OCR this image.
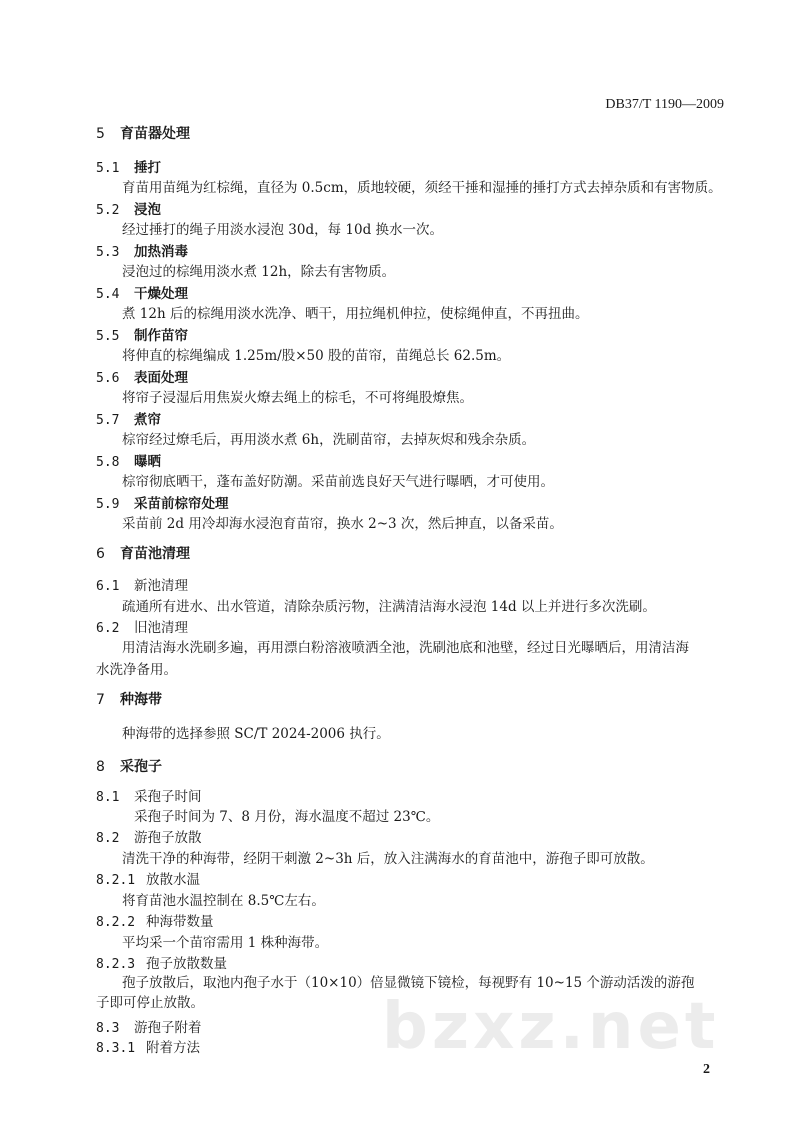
DB37/T 1190—2009
5 育苗器处理
5.1 捶打
育苗用苗绳为红棕绳，直径为 0.5cm，质地较硬，须经干捶和湿捶的捶打方式去掉杂质和有害物质。
5.2 浸泡
经过捶打的绳子用淡水浸泡 30d，每 10d 换水一次。
5.3 加热消毒
浸泡过的棕绳用淡水煮 12h，除去有害物质。
5.4 干燥处理
煮 12h 后的棕绳用淡水洗净、晒干，用拉绳机伸拉，使棕绳伸直，不再扭曲。
5.5 制作苗帘
将伸直的棕绳编成 1.25m/股×50 股的苗帘，苗绳总长 62.5m。
5.6 表面处理
将帘子浸湿后用焦炭火燎去绳上的棕毛，不可将绳股燎焦。
5.7 煮帘
棕帘经过燎毛后，再用淡水煮 6h，洗刷苗帘，去掉灰烬和残余杂质。
5.8 曝晒
棕帘彻底晒干，蓬布盖好防潮。采苗前选良好天气进行曝晒，才可使用。
5.9 采苗前棕帘处理
采苗前 2d 用冷却海水浸泡育苗帘，换水 2~3 次，然后抻直，以备采苗。
6 育苗池清理
6.1 新池清理
疏通所有进水、出水管道，清除杂质污物，注满清洁海水浸泡 14d 以上并进行多次洗刷。
6.2 旧池清理
用清洁海水洗刷多遍，再用漂白粉溶液喷洒全池，洗刷池底和池壁，经过日光曝晒后，用清洁海水洗净备用。
7 种海带
种海带的选择参照 SC/T 2024-2006 执行。
8 采孢子
8.1 采孢子时间
采孢子时间为 7、8 月份，海水温度不超过 23℃。
8.2 游孢子放散
清洗干净的种海带，经阴干刺激 2~3h 后，放入注满海水的育苗池中，游孢子即可放散。
8.2.1 放散水温
将育苗池水温控制在 8.5℃左右。
8.2.2 种海带数量
平均采一个苗帘需用 1 株种海带。
8.2.3 孢子放散数量
孢子放散后，取池内孢子水于（10×10）倍显微镜下镜检，每视野有 10~15 个游动活泼的游孢子即可停止放散。
8.3 游孢子附着
8.3.1 附着方法	bzxz.net
2
